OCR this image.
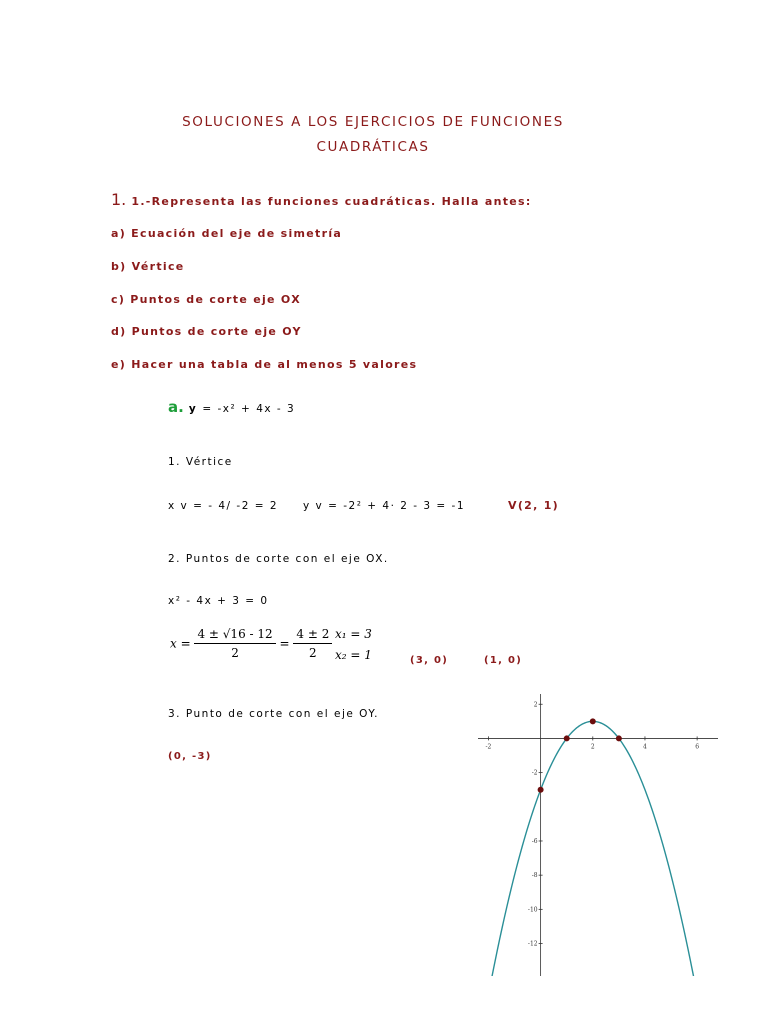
SOLUCIONES A LOS EJERCICIOS DE FUNCIONES
CUADRÁTICAS
1. 1.-Representa las funciones cuadráticas. Halla antes:
a) Ecuación del eje de simetría
b) Vértice
c) Puntos de corte eje OX
d) Puntos de corte eje OY
e) Hacer una tabla de al menos 5 valores
a. y = -x² + 4x - 3
1. Vértice
x v = - 4/ -2 = 2 y v = -2² + 4· 2 - 3 = -1	V(2, 1)
2. Puntos de corte con el eje OX.
x² - 4x + 3 = 0
$x = \frac{4 \pm √16 - 12}{2} = \frac{4 \pm 2}{2} x_1 = 3$
x₂ = 1	(3, 0)	(1, 0)
3. Punto de corte con el eje OY.
(0, -3)
-2	2	4	6
2
-2
-6
-8
-10
-12
